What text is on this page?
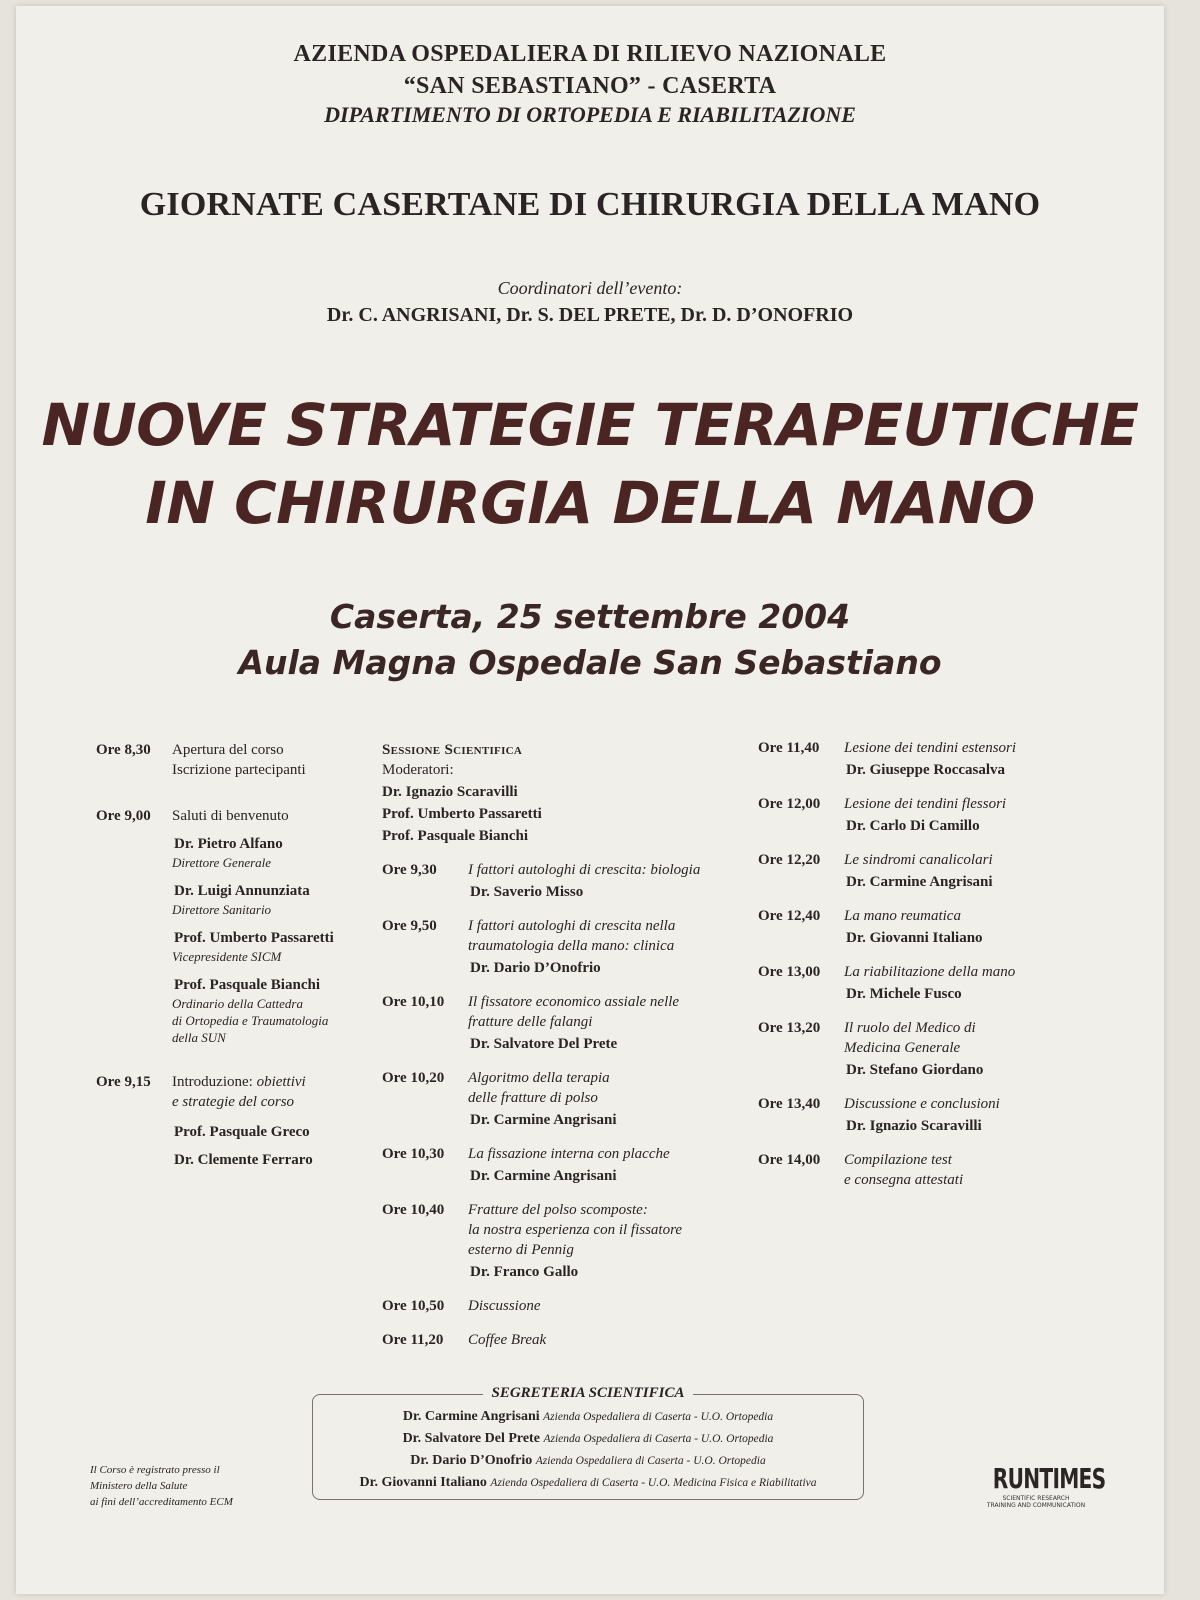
AZIENDA OSPEDALIERA DI RILIEVO NAZIONALE
“SAN SEBASTIANO” - CASERTA
DIPARTIMENTO DI ORTOPEDIA E RIABILITAZIONE
GIORNATE CASERTANE DI CHIRURGIA DELLA MANO
Coordinatori dell’evento:
Dr. C. ANGRISANI, Dr. S. DEL PRETE, Dr. D. D’ONOFRIO
NUOVE STRATEGIE TERAPEUTICHE
IN CHIRURGIA DELLA MANO
Caserta, 25 settembre 2004
Aula Magna Ospedale San Sebastiano
Ore 8,30 Apertura del corso
Iscrizione partecipanti
Ore 9,00 Saluti di benvenuto
Dr. Pietro Alfano
Direttore Generale
Dr. Luigi Annunziata
Direttore Sanitario
Prof. Umberto Passaretti
Vicepresidente SICM
Prof. Pasquale Bianchi
Ordinario della Cattedra
di Ortopedia e Traumatologia
della SUN
Ore 9,15 Introduzione: obiettivi
e strategie del corso
Prof. Pasquale Greco
Dr. Clemente Ferraro
Sessione Scientifica
Moderatori:
Dr. Ignazio Scaravilli
Prof. Umberto Passaretti
Prof. Pasquale Bianchi
Ore 9,30 I fattori autologhi di crescita: biologia
Dr. Saverio Misso
Ore 9,50 I fattori autologhi di crescita nella
traumatologia della mano: clinica
Dr. Dario D’Onofrio
Ore 10,10 Il fissatore economico assiale nelle
fratture delle falangi
Dr. Salvatore Del Prete
Ore 10,20 Algoritmo della terapia
delle fratture di polso
Dr. Carmine Angrisani
Ore 10,30 La fissazione interna con placche
Dr. Carmine Angrisani
Ore 10,40 Fratture del polso scomposte:
la nostra esperienza con il fissatore
esterno di Pennig
Dr. Franco Gallo
Ore 10,50 Discussione
Ore 11,20 Coffee Break
Ore 11,40 Lesione dei tendini estensori
Dr. Giuseppe Roccasalva
Ore 12,00 Lesione dei tendini flessori
Dr. Carlo Di Camillo
Ore 12,20 Le sindromi canalicolari
Dr. Carmine Angrisani
Ore 12,40 La mano reumatica
Dr. Giovanni Italiano
Ore 13,00 La riabilitazione della mano
Dr. Michele Fusco
Ore 13,20 Il ruolo del Medico di
Medicina Generale
Dr. Stefano Giordano
Ore 13,40 Discussione e conclusioni
Dr. Ignazio Scaravilli
Ore 14,00 Compilazione test
e consegna attestati
SEGRETERIA SCIENTIFICA
Dr. Carmine Angrisani Azienda Ospedaliera di Caserta - U.O. Ortopedia
Dr. Salvatore Del Prete Azienda Ospedaliera di Caserta - U.O. Ortopedia
Dr. Dario D’Onofrio Azienda Ospedaliera di Caserta - U.O. Ortopedia
Dr. Giovanni Italiano Azienda Ospedaliera di Caserta - U.O. Medicina Fisica e Riabilitativa
Il Corso è registrato presso il
Ministero della Salute
ai fini dell’accreditamento ECM
RUNTIMES
SCIENTIFIC RESEARCH
TRAINING AND COMMUNICATION
